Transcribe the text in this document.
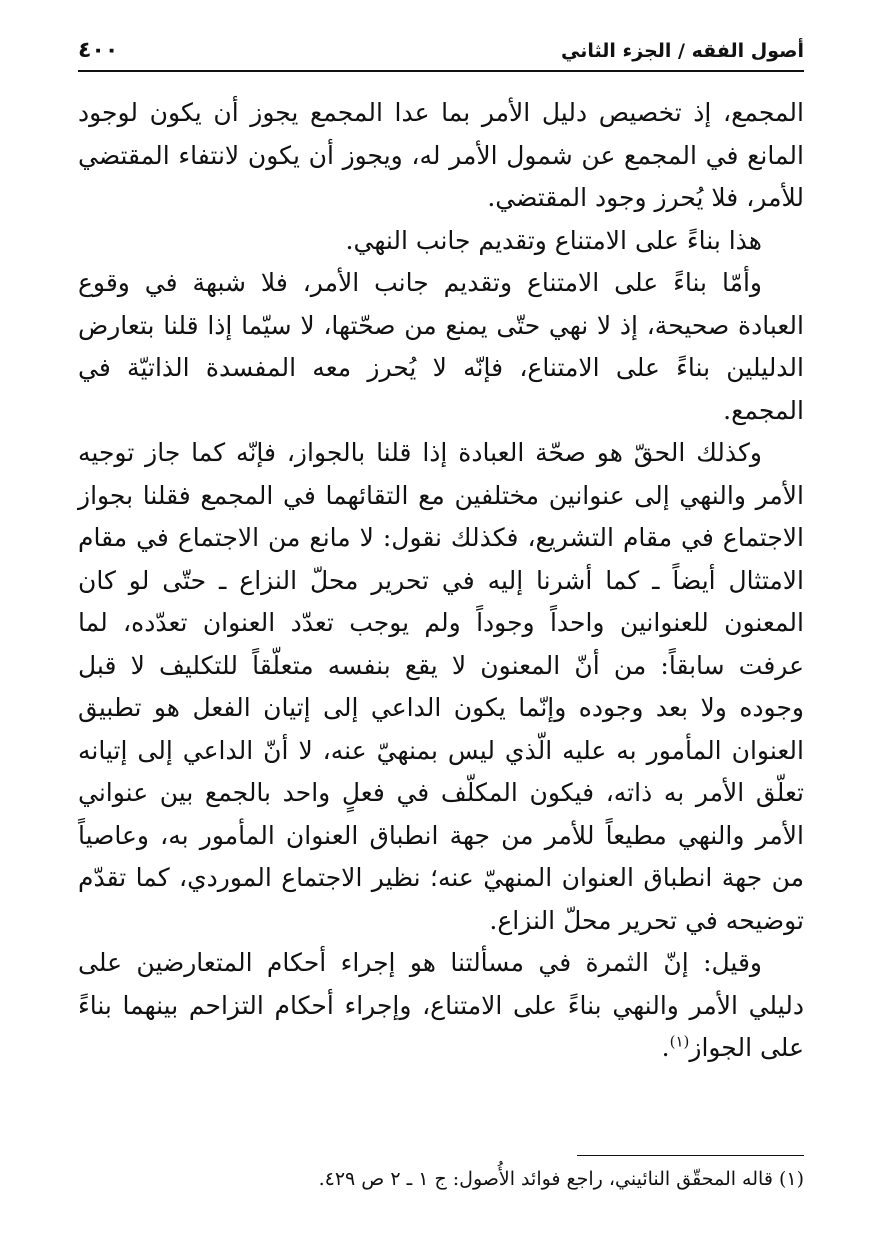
أصول الفقه / الجزء الثاني
٤٠٠

المجمع، إذ تخصيص دليل الأمر بما عدا المجمع يجوز أن يكون لوجود المانع في المجمع عن شمول الأمر له، ويجوز أن يكون لانتفاء المقتضي للأمر، فلا يُحرز وجود المقتضي.

هذا بناءً على الامتناع وتقديم جانب النهي.

وأمّا بناءً على الامتناع وتقديم جانب الأمر، فلا شبهة في وقوع العبادة صحيحة، إذ لا نهي حتّى يمنع من صحّتها، لا سيّما إذا قلنا بتعارض الدليلين بناءً على الامتناع، فإنّه لا يُحرز معه المفسدة الذاتيّة في المجمع.

وكذلك الحقّ هو صحّة العبادة إذا قلنا بالجواز، فإنّه كما جاز توجيه الأمر والنهي إلى عنوانين مختلفين مع التقائهما في المجمع فقلنا بجواز الاجتماع في مقام التشريع، فكذلك نقول: لا مانع من الاجتماع في مقام الامتثال أيضاً ـ كما أشرنا إليه في تحرير محلّ النزاع ـ حتّى لو كان المعنون للعنوانين واحداً وجوداً ولم يوجب تعدّد العنوان تعدّده، لما عرفت سابقاً: من أنّ المعنون لا يقع بنفسه متعلّقاً للتكليف لا قبل وجوده ولا بعد وجوده وإنّما يكون الداعي إلى إتيان الفعل هو تطبيق العنوان المأمور به عليه الّذي ليس بمنهيّ عنه، لا أنّ الداعي إلى إتيانه تعلّق الأمر به ذاته، فيكون المكلّف في فعلٍ واحد بالجمع بين عنواني الأمر والنهي مطيعاً للأمر من جهة انطباق العنوان المأمور به، وعاصياً من جهة انطباق العنوان المنهيّ عنه؛ نظير الاجتماع الموردي، كما تقدّم توضيحه في تحرير محلّ النزاع.

وقيل: إنّ الثمرة في مسألتنا هو إجراء أحكام المتعارضين على دليلي الأمر والنهي بناءً على الامتناع، وإجراء أحكام التزاحم بينهما بناءً على الجواز$^{(١)}$.

(١) قاله المحقّق النائيني، راجع فوائد الأُصول: ج ١ ـ ٢ ص ٤٢٩.
